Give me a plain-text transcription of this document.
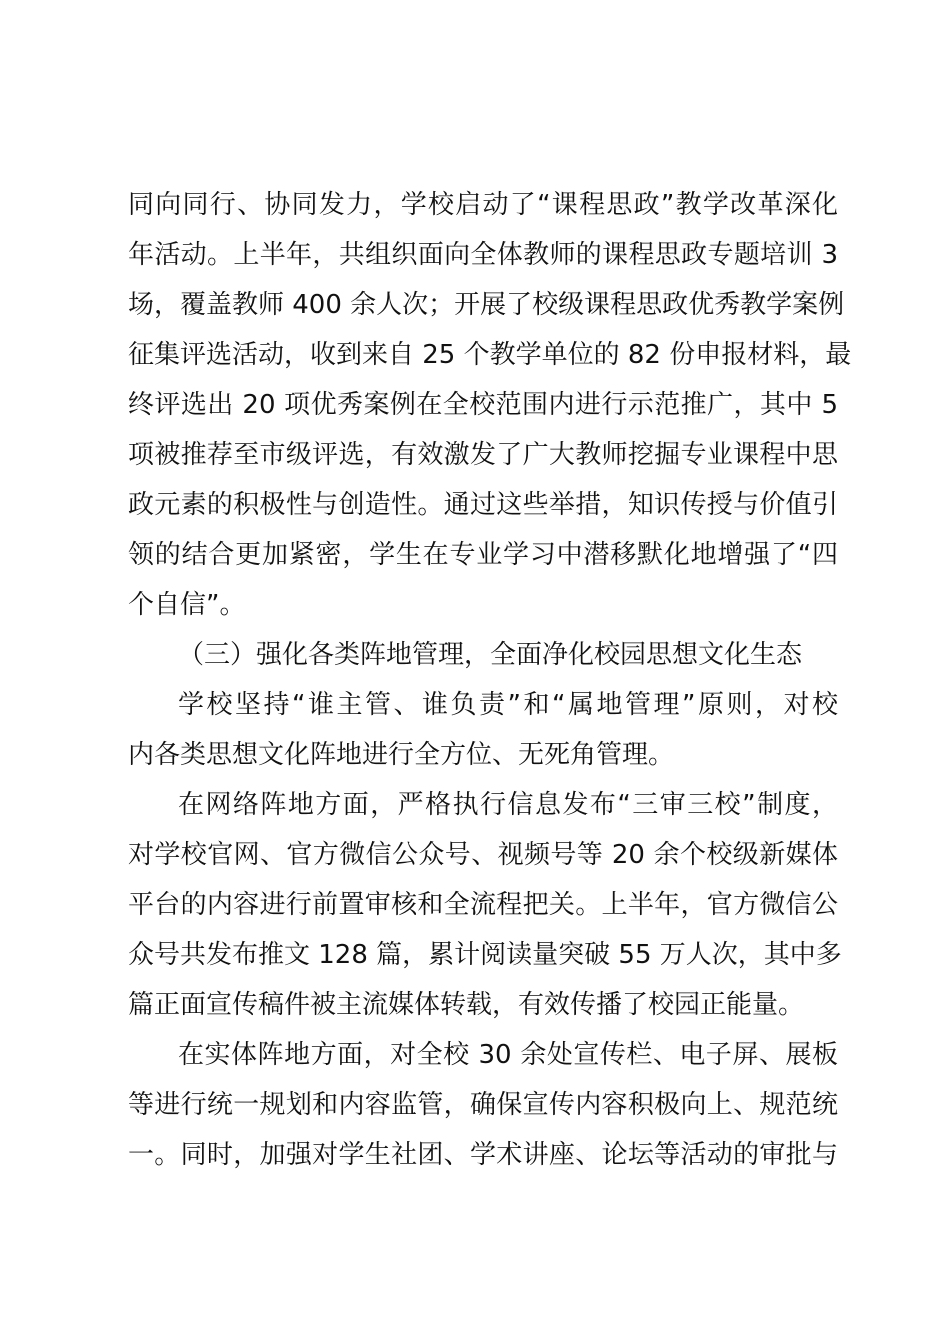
同向同行、协同发力，学校启动了“课程思政”教学改革深化
年活动。上半年，共组织面向全体教师的课程思政专题培训 3
场，覆盖教师 400 余人次；开展了校级课程思政优秀教学案例
征集评选活动，收到来自 25 个教学单位的 82 份申报材料，最
终评选出 20 项优秀案例在全校范围内进行示范推广，其中 5
项被推荐至市级评选，有效激发了广大教师挖掘专业课程中思
政元素的积极性与创造性。通过这些举措，知识传授与价值引
领的结合更加紧密，学生在专业学习中潜移默化地增强了“四
个自信”。
（三）强化各类阵地管理，全面净化校园思想文化生态
学校坚持“谁主管、谁负责”和“属地管理”原则，对校
内各类思想文化阵地进行全方位、无死角管理。
在网络阵地方面，严格执行信息发布“三审三校”制度，
对学校官网、官方微信公众号、视频号等 20 余个校级新媒体
平台的内容进行前置审核和全流程把关。上半年，官方微信公
众号共发布推文 128 篇，累计阅读量突破 55 万人次，其中多
篇正面宣传稿件被主流媒体转载，有效传播了校园正能量。
在实体阵地方面，对全校 30 余处宣传栏、电子屏、展板
等进行统一规划和内容监管，确保宣传内容积极向上、规范统
一。同时，加强对学生社团、学术讲座、论坛等活动的审批与
